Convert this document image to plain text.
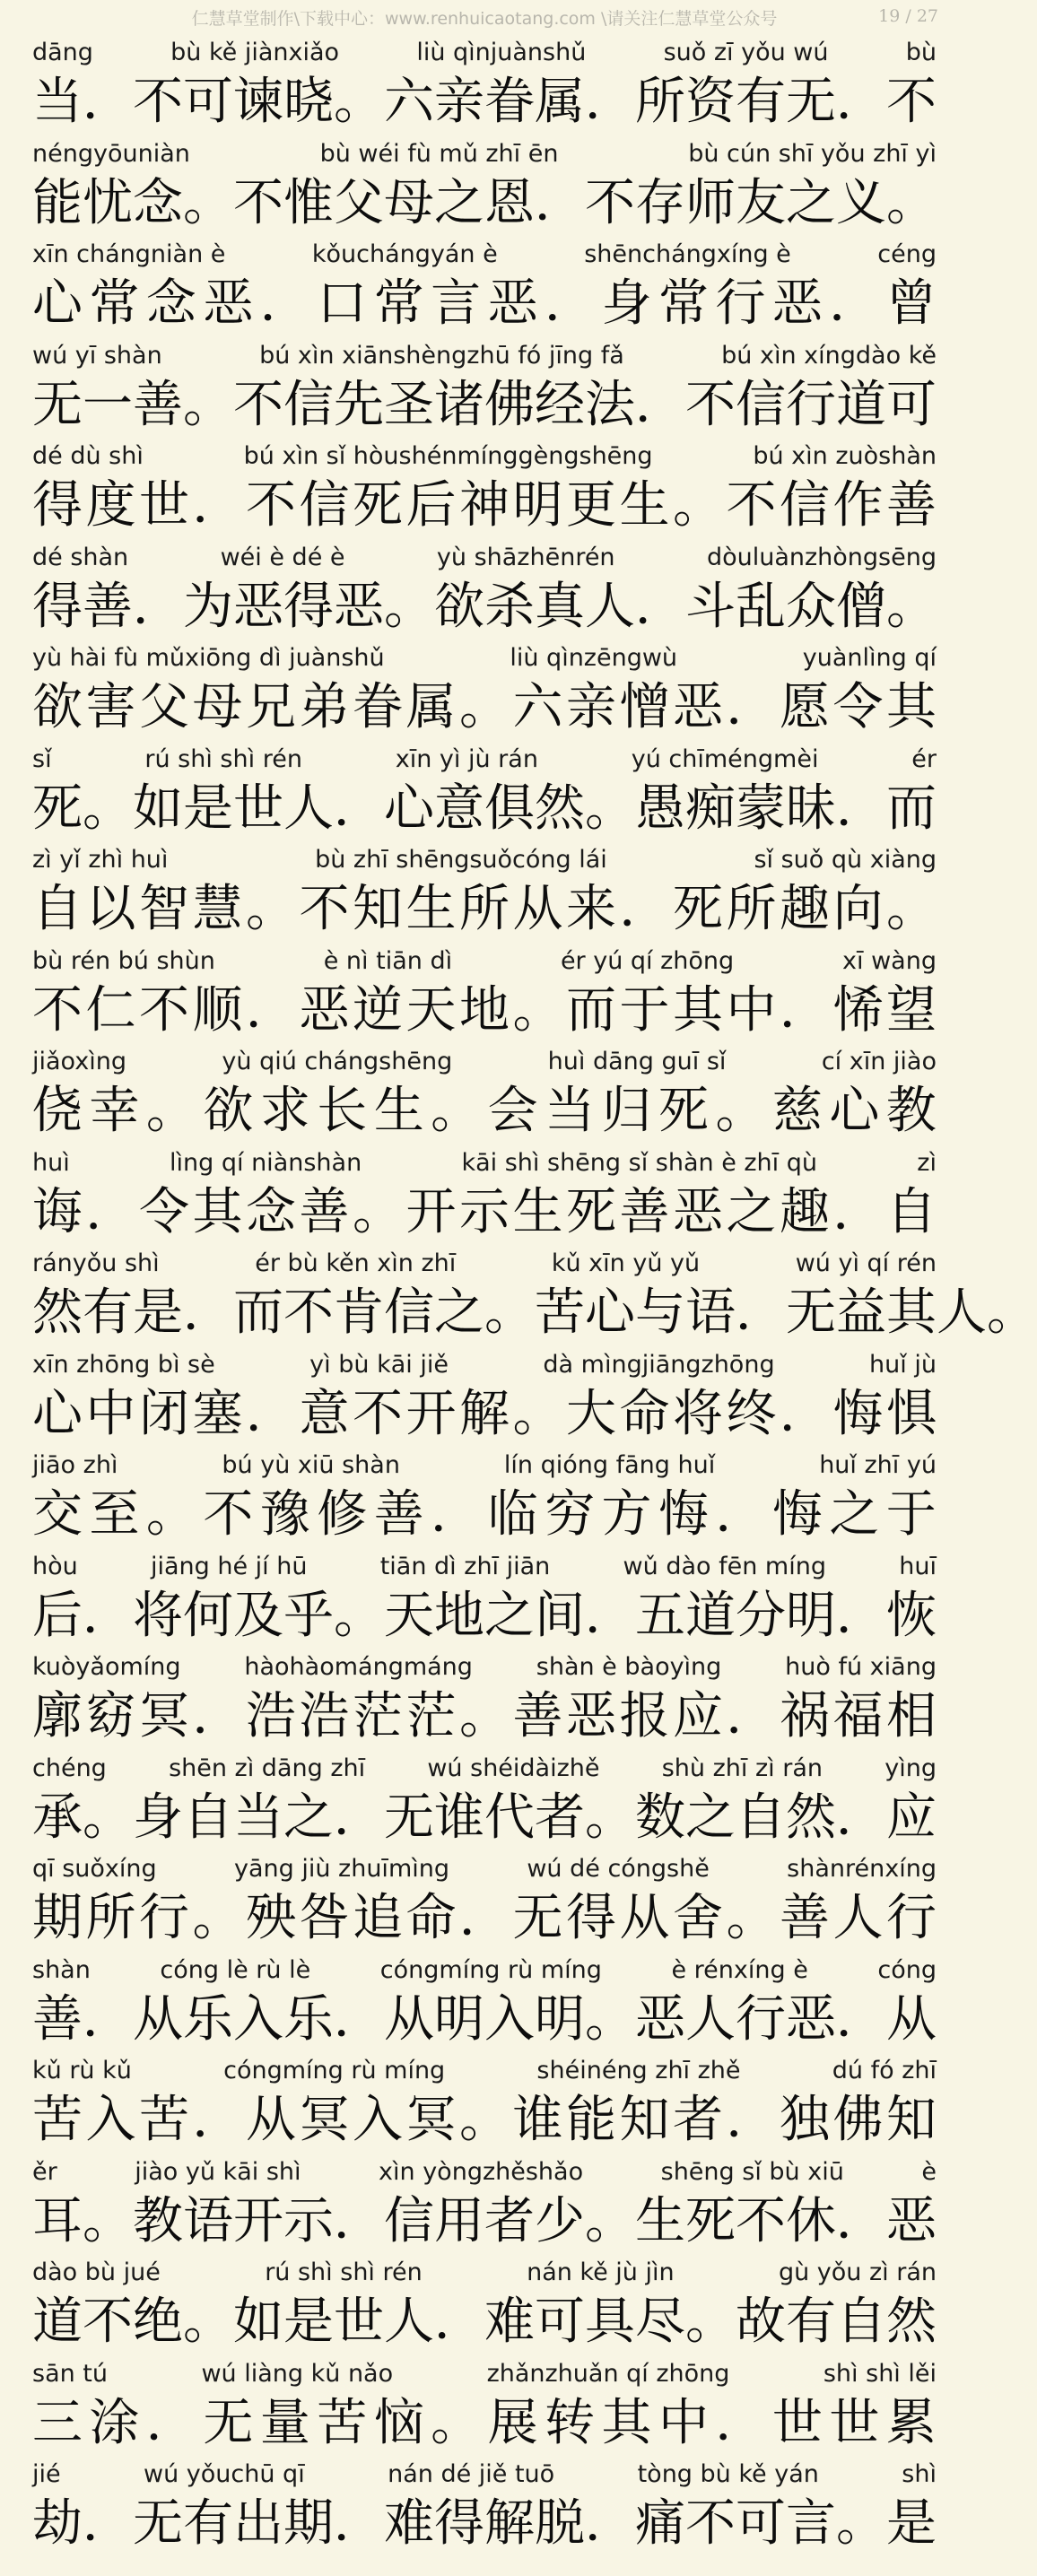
仁慧草堂制作\下载中心：www.renhuicaotang.com \请关注仁慧草堂公众号	19 / 27
dāng	bù kě jiànxiǎo	liù qìnjuànshǔ	suǒ zī yǒu wú	bù
当 ． 不 可 谏 晓 。 六 亲 眷 属 ． 所 资 有 无 ． 不
néngyōuniàn	bù wéi fù mǔ zhī ēn	bù cún shī yǒu zhī yì
能 忧 念 。 不 惟 父 母 之 恩 ． 不 存 师 友 之 义 。
xīn chángniàn è	kǒuchángyán è	shēnchángxíng è	céng
心 常 念 恶 ． 口 常 言 恶 ． 身 常 行 恶 ． 曾
wú yī shàn	bú xìn xiānshèngzhū fó jīng fǎ	bú xìn xíngdào kě
无 一 善 。 不 信 先 圣 诸 佛 经 法 ． 不 信 行 道 可
dé dù shì	bú xìn sǐ hòushénmínggèngshēng	bú xìn zuòshàn
得 度 世 ． 不 信 死 后 神 明 更 生 。 不 信 作 善
dé shàn	wéi è dé è	yù shāzhēnrén	dòuluànzhòngsēng
得 善 ． 为 恶 得 恶 。 欲 杀 真 人 ． 斗 乱 众 僧 。
yù hài fù mǔxiōng dì juànshǔ	liù qìnzēngwù	yuànlìng qí
欲 害 父 母 兄 弟 眷 属 。 六 亲 憎 恶 ． 愿 令 其
sǐ	rú shì shì rén	xīn yì jù rán	yú chīméngmèi	ér
死 。 如 是 世 人 ． 心 意 俱 然 。 愚 痴 蒙 昧 ． 而
zì yǐ zhì huì	bù zhī shēngsuǒcóng lái	sǐ suǒ qù xiàng
自 以 智 慧 。 不 知 生 所 从 来 ． 死 所 趣 向 。
bù rén bú shùn	è nì tiān dì	ér yú qí zhōng	xī wàng
不 仁 不 顺 ． 恶 逆 天 地 。 而 于 其 中 ． 悕 望
jiǎoxìng	yù qiú chángshēng	huì dāng guī sǐ	cí xīn jiào
侥 幸 。 欲 求 长 生 。 会 当 归 死 。 慈 心 教
huì	lìng qí niànshàn	kāi shì shēng sǐ shàn è zhī qù	zì
诲 ． 令 其 念 善 。 开 示 生 死 善 恶 之 趣 ． 自
rányǒu shì	ér bù kěn xìn zhī	kǔ xīn yǔ yǔ	wú yì qí rén
然 有 是 ． 而 不 肯 信 之 。 苦 心 与 语 ． 无 益 其 人 。
xīn zhōng bì sè	yì bù kāi jiě	dà mìngjiāngzhōng	huǐ jù
心 中 闭 塞 ． 意 不 开 解 。 大 命 将 终 ． 悔 惧
jiāo zhì	bú yù xiū shàn	lín qióng fāng huǐ	huǐ zhī yú
交 至 。 不 豫 修 善 ． 临 穷 方 悔 ． 悔 之 于
hòu	jiāng hé jí hū	tiān dì zhī jiān	wǔ dào fēn míng	huī
后 ． 将 何 及 乎 。 天 地 之 间 ． 五 道 分 明 ． 恢
kuòyǎomíng	hàohàomángmáng	shàn è bàoyìng	huò fú xiāng
廓 窈 冥 ． 浩 浩 茫 茫 。 善 恶 报 应 ． 祸 福 相
chéng	shēn zì dāng zhī	wú shéidàizhě	shù zhī zì rán	yìng
承 。 身 自 当 之 ． 无 谁 代 者 。 数 之 自 然 ． 应
qī suǒxíng	yāng jiù zhuīmìng	wú dé cóngshě	shànrénxíng
期 所 行 。 殃 咎 追 命 ． 无 得 从 舍 。 善 人 行
shàn	cóng lè rù lè	cóngmíng rù míng	è rénxíng è	cóng
善 ． 从 乐 入 乐 ． 从 明 入 明 。 恶 人 行 恶 ． 从
kǔ rù kǔ	cóngmíng rù míng	shéinéng zhī zhě	dú fó zhī
苦 入 苦 ． 从 冥 入 冥 。 谁 能 知 者 ． 独 佛 知
ěr	jiào yǔ kāi shì	xìn yòngzhěshǎo	shēng sǐ bù xiū	è
耳 。 教 语 开 示 ． 信 用 者 少 。 生 死 不 休 ． 恶
dào bù jué	rú shì shì rén	nán kě jù jìn	gù yǒu zì rán
道 不 绝 。 如 是 世 人 ． 难 可 具 尽 。 故 有 自 然
sān tú	wú liàng kǔ nǎo	zhǎnzhuǎn qí zhōng	shì shì lěi
三 涂 ． 无 量 苦 恼 。 展 转 其 中 ． 世 世 累
jié	wú yǒuchū qī	nán dé jiě tuō	tòng bù kě yán	shì
劫 ． 无 有 出 期 ． 难 得 解 脱 ． 痛 不 可 言 。 是
